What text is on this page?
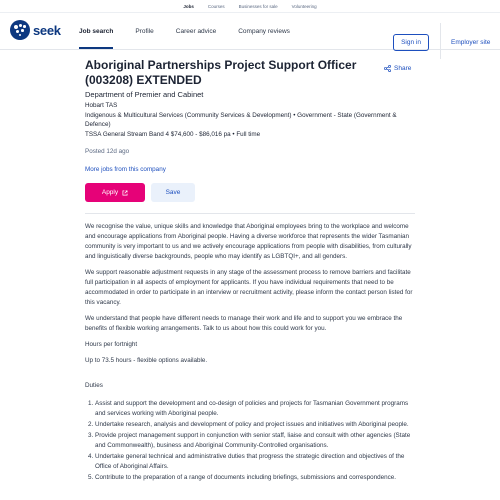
Jobs	Courses	Businesses for sale	Volunteering
seek	Job search	Profile	Career advice	Company reviews
Sign in	Employer site
Aboriginal Partnerships Project Support Officer (003208) EXTENDED
Share
Department of Premier and Cabinet
Hobart TAS
Indigenous & Multicultural Services (Community Services & Development) • Government - State (Government & Defence)
TSSA General Stream Band 4 $74,600 - $86,016 pa • Full time
Posted 12d ago
More jobs from this company
Apply	Save

We recognise the value, unique skills and knowledge that Aboriginal employees bring to the workplace and welcome and encourage applications from Aboriginal people. Having a diverse workforce that represents the wider Tasmanian community is very important to us and we actively encourage applications from people with disabilities, from culturally and linguistically diverse backgrounds, people who may identify as LGBTQI+, and all genders.

We support reasonable adjustment requests in any stage of the assessment process to remove barriers and facilitate full participation in all aspects of employment for applicants. If you have individual requirements that need to be accommodated in order to participate in an interview or recruitment activity, please inform the contact person listed for this vacancy.

We understand that people have different needs to manage their work and life and to support you we embrace the benefits of flexible working arrangements. Talk to us about how this could work for you.

Hours per fortnight

Up to 73.5 hours - flexible options available.

Duties

1. Assist and support the development and co-design of policies and projects for Tasmanian Government programs and services working with Aboriginal people.
2. Undertake research, analysis and development of policy and project issues and initiatives with Aboriginal people.
3. Provide project management support in conjunction with senior staff, liaise and consult with other agencies (State and Commonwealth), business and Aboriginal Community-Controlled organisations.
4. Undertake general technical and administrative duties that progress the strategic direction and objectives of the Office of Aboriginal Affairs.
5. Contribute to the preparation of a range of documents including briefings, submissions and correspondence.
